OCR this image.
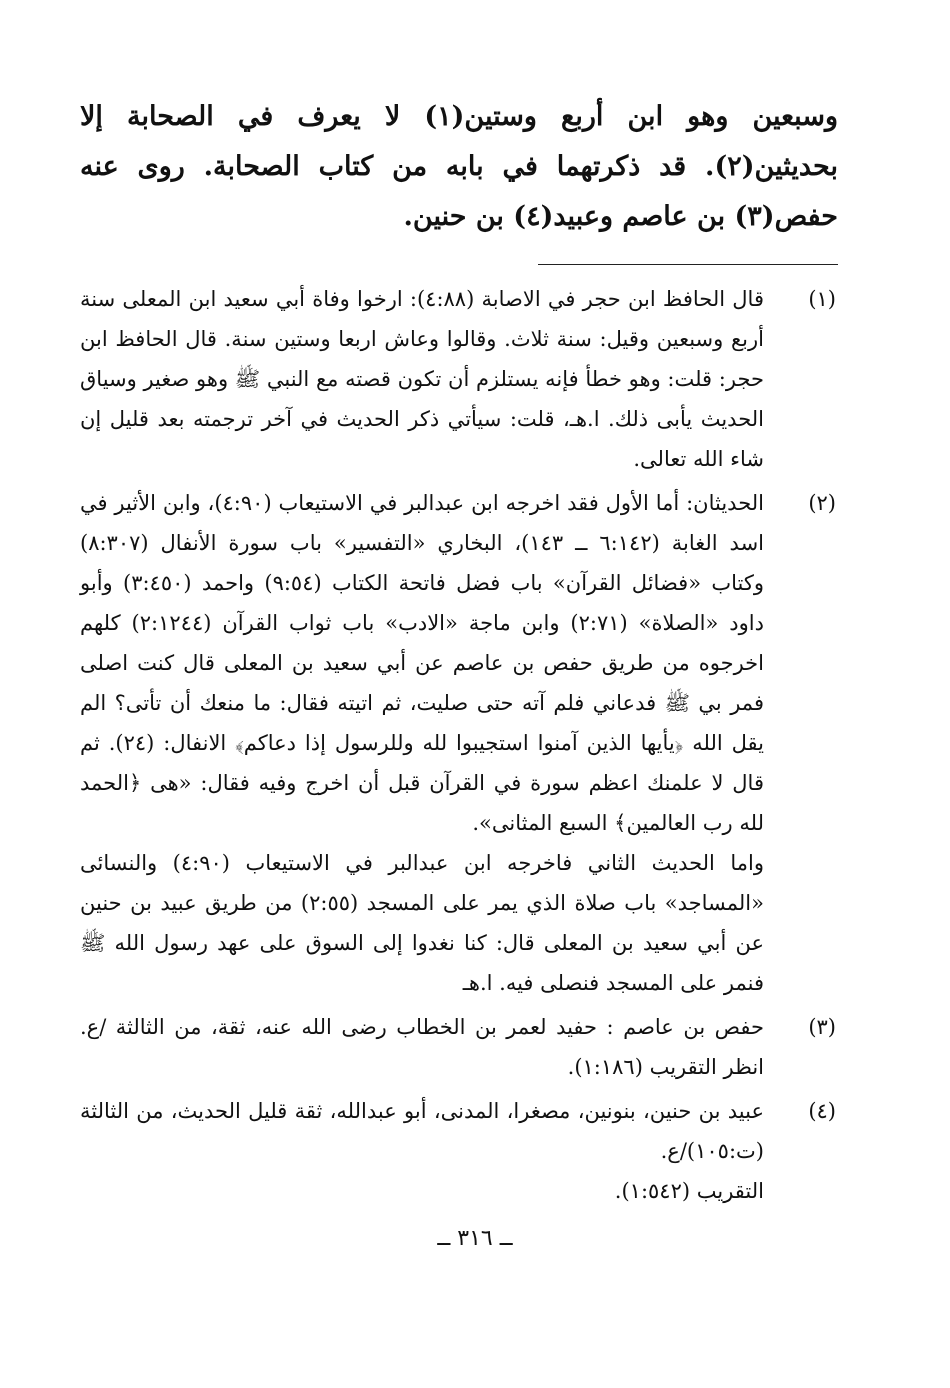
وسبعين وهو ابن أربع وستين(١) لا يعرف في الصحابة إلا بحديثين(٢). قد ذكرتهما في بابه من كتاب الصحابة. روى عنه حفص(٣) بن عاصم وعبيد(٤) بن حنين.

(١)

قال الحافظ ابن حجر في الاصابة (٤:٨٨): ارخوا وفاة أبي سعيد ابن المعلى سنة أربع وسبعين وقيل: سنة ثلاث. وقالوا وعاش اربعا وستين سنة. قال الحافظ ابن حجر: قلت: وهو خطأ فإنه يستلزم أن تكون قصته مع النبي ﷺ وهو صغير وسياق الحديث يأبى ذلك. ا.هـ، قلت: سيأتي ذكر الحديث في آخر ترجمته بعد قليل إن شاء الله تعالى.

(٢)

الحديثان: أما الأول فقد اخرجه ابن عبدالبر في الاستيعاب (٤:٩٠)، وابن الأثير في اسد الغابة (٦:١٤٢ ــ ١٤٣)، البخاري «التفسير» باب سورة الأنفال (٨:٣٠٧) وكتاب «فضائل القرآن» باب فضل فاتحة الكتاب (٩:٥٤) واحمد (٣:٤٥٠) وأبو داود «الصلاة» (٢:٧١) وابن ماجة «الادب» باب ثواب القرآن (٢:١٢٤٤) كلهم اخرجوه من طريق حفص بن عاصم عن أبي سعيد بن المعلى قال كنت اصلى فمر بي ﷺ فدعاني فلم آته حتى صليت، ثم اتيته فقال: ما منعك أن تأتى؟ الم يقل الله ﴿يأيها الذين آمنوا استجيبوا لله وللرسول إذا دعاكم﴾ الانفال: (٢٤). ثم قال لا علمنك اعظم سورة في القرآن قبل أن اخرج وفيه فقال: «هى ﴿الحمد لله رب العالمين﴾ السبع المثانى».

واما الحديث الثاني فاخرجه ابن عبدالبر في الاستيعاب (٤:٩٠) والنسائى «المساجد» باب صلاة الذي يمر على المسجد (٢:٥٥) من طريق عبيد بن حنين عن أبي سعيد بن المعلى قال: كنا نغدوا إلى السوق على عهد رسول الله ﷺ فنمر على المسجد فنصلى فيه. ا.هـ

(٣)

حفص بن عاصم : حفيد لعمر بن الخطاب رضى الله عنه، ثقة، من الثالثة /ع. انظر التقريب (١:١٨٦).

(٤)

عبيد بن حنين، بنونين، مصغرا، المدنى، أبو عبدالله، ثقة قليل الحديث، من الثالثة (ت:١٠٥)/ع.

التقريب (١:٥٤٢).

ــ ٣١٦ ــ
